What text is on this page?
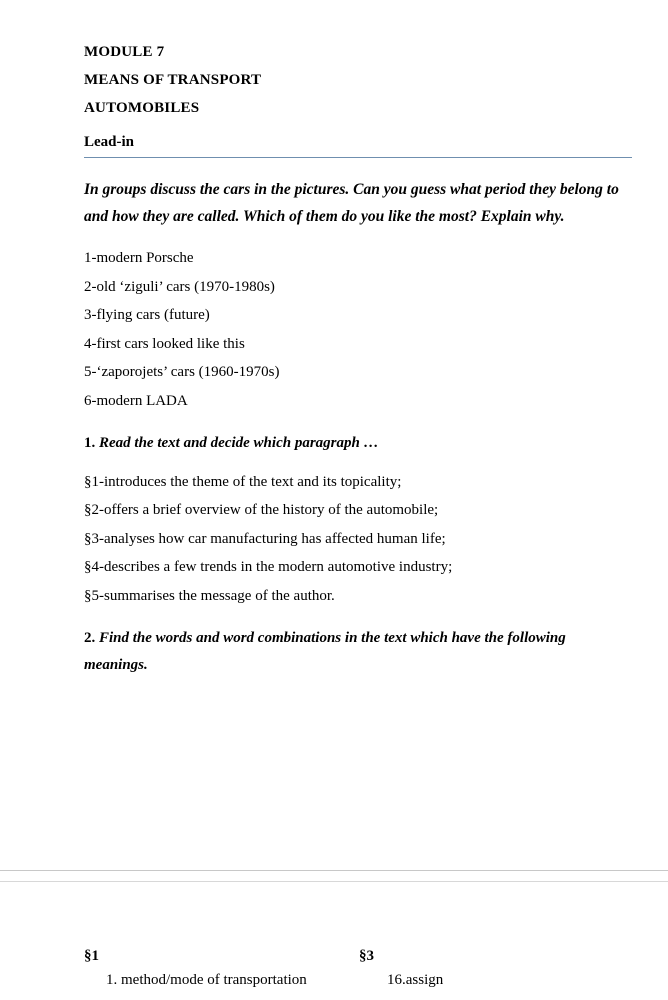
MODULE 7
MEANS OF TRANSPORT
AUTOMOBILES
Lead-in
In groups discuss the cars in the pictures. Can you guess what period they belong to and how they are called. Which of them do you like the most? Explain why.
1-modern Porsche
2-old ‘ziguli’ cars (1970-1980s)
3-flying cars (future)
4-first cars looked like this
5-‘zaporojets’ cars (1960-1970s)
6-modern LADA
1. Read the text and decide which paragraph …
§1-introduces the theme of the text and its topicality;
§2-offers a brief overview of the history of the automobile;
§3-analyses how car manufacturing has affected human life;
§4-describes a few trends in the modern automotive industry;
§5-summarises the message of the author.
2. Find the words and word combinations in the text which have the following meanings.
§1	§3
1. method/mode of transportation	16.assign
